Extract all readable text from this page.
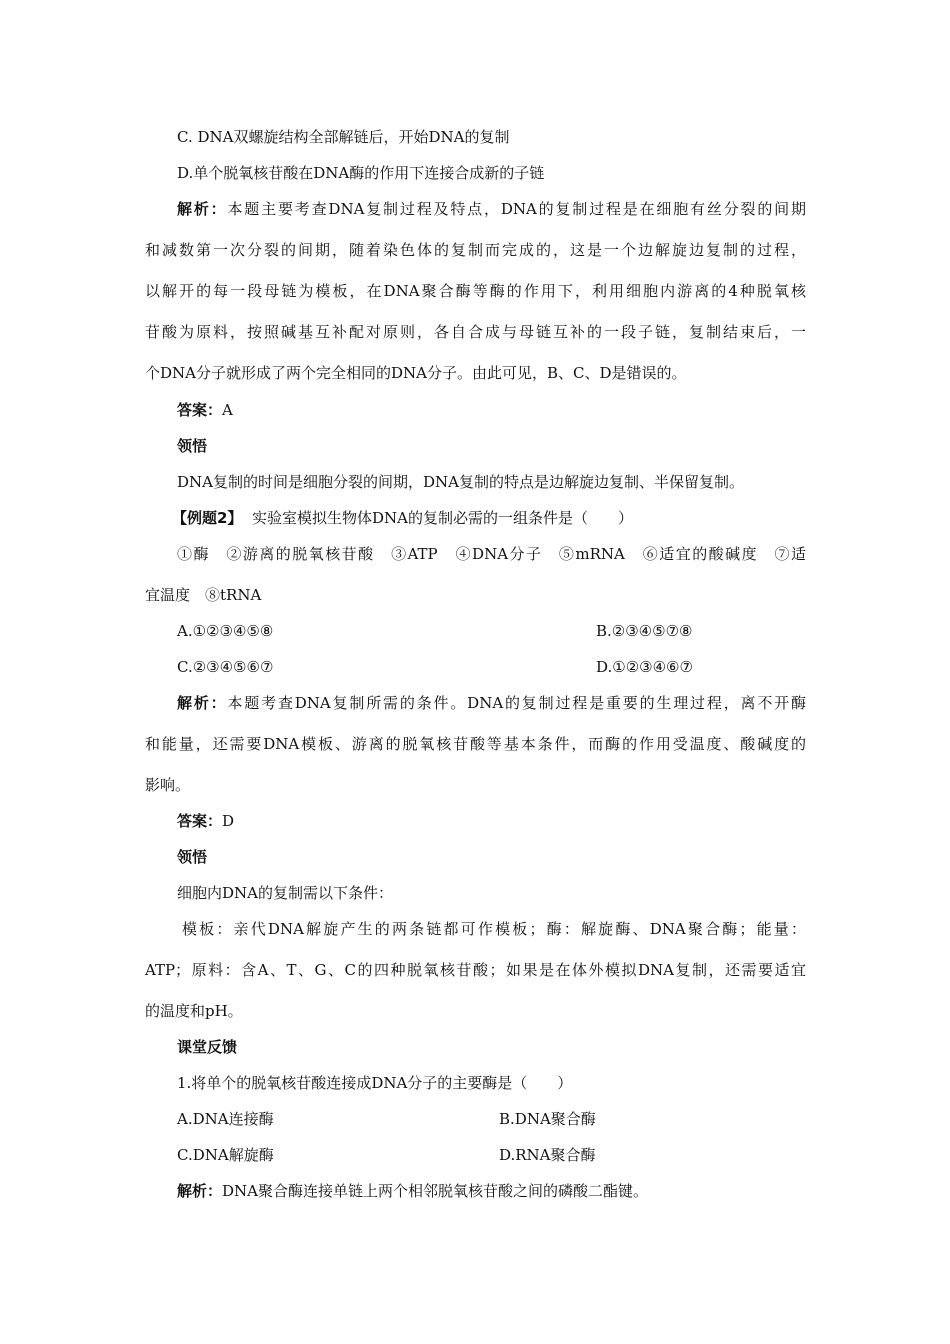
C. DNA双螺旋结构全部解链后，开始DNA的复制
D.单个脱氧核苷酸在DNA酶的作用下连接合成新的子链
解析：本题主要考查DNA复制过程及特点，DNA的复制过程是在细胞有丝分裂的间期
和减数第一次分裂的间期，随着染色体的复制而完成的，这是一个边解旋边复制的过程，
以解开的每一段母链为模板，在DNA聚合酶等酶的作用下，利用细胞内游离的4种脱氧核
苷酸为原料，按照碱基互补配对原则，各自合成与母链互补的一段子链，复制结束后，一
个DNA分子就形成了两个完全相同的DNA分子。由此可见，B、C、D是错误的。
答案：A
领悟
DNA复制的时间是细胞分裂的间期，DNA复制的特点是边解旋边复制、半保留复制。
【例题2】 实验室模拟生物体DNA的复制必需的一组条件是（　　）
①酶　②游离的脱氧核苷酸　③ATP　④DNA分子　⑤mRNA　⑥适宜的酸碱度　⑦适
宜温度　⑧tRNA
A.①②③④⑤⑧	B.②③④⑤⑦⑧
C.②③④⑤⑥⑦	D.①②③④⑥⑦
解析：本题考查DNA复制所需的条件。DNA的复制过程是重要的生理过程，离不开酶
和能量，还需要DNA模板、游离的脱氧核苷酸等基本条件，而酶的作用受温度、酸碱度的
影响。
答案：D
领悟
细胞内DNA的复制需以下条件：
模板：亲代DNA解旋产生的两条链都可作模板；酶：解旋酶、DNA聚合酶；能量：
ATP；原料：含A、T、G、C的四种脱氧核苷酸；如果是在体外模拟DNA复制，还需要适宜
的温度和pH。
课堂反馈
1.将单个的脱氧核苷酸连接成DNA分子的主要酶是（　　）
A.DNA连接酶	B.DNA聚合酶
C.DNA解旋酶	D.RNA聚合酶
解析：DNA聚合酶连接单链上两个相邻脱氧核苷酸之间的磷酸二酯键。
